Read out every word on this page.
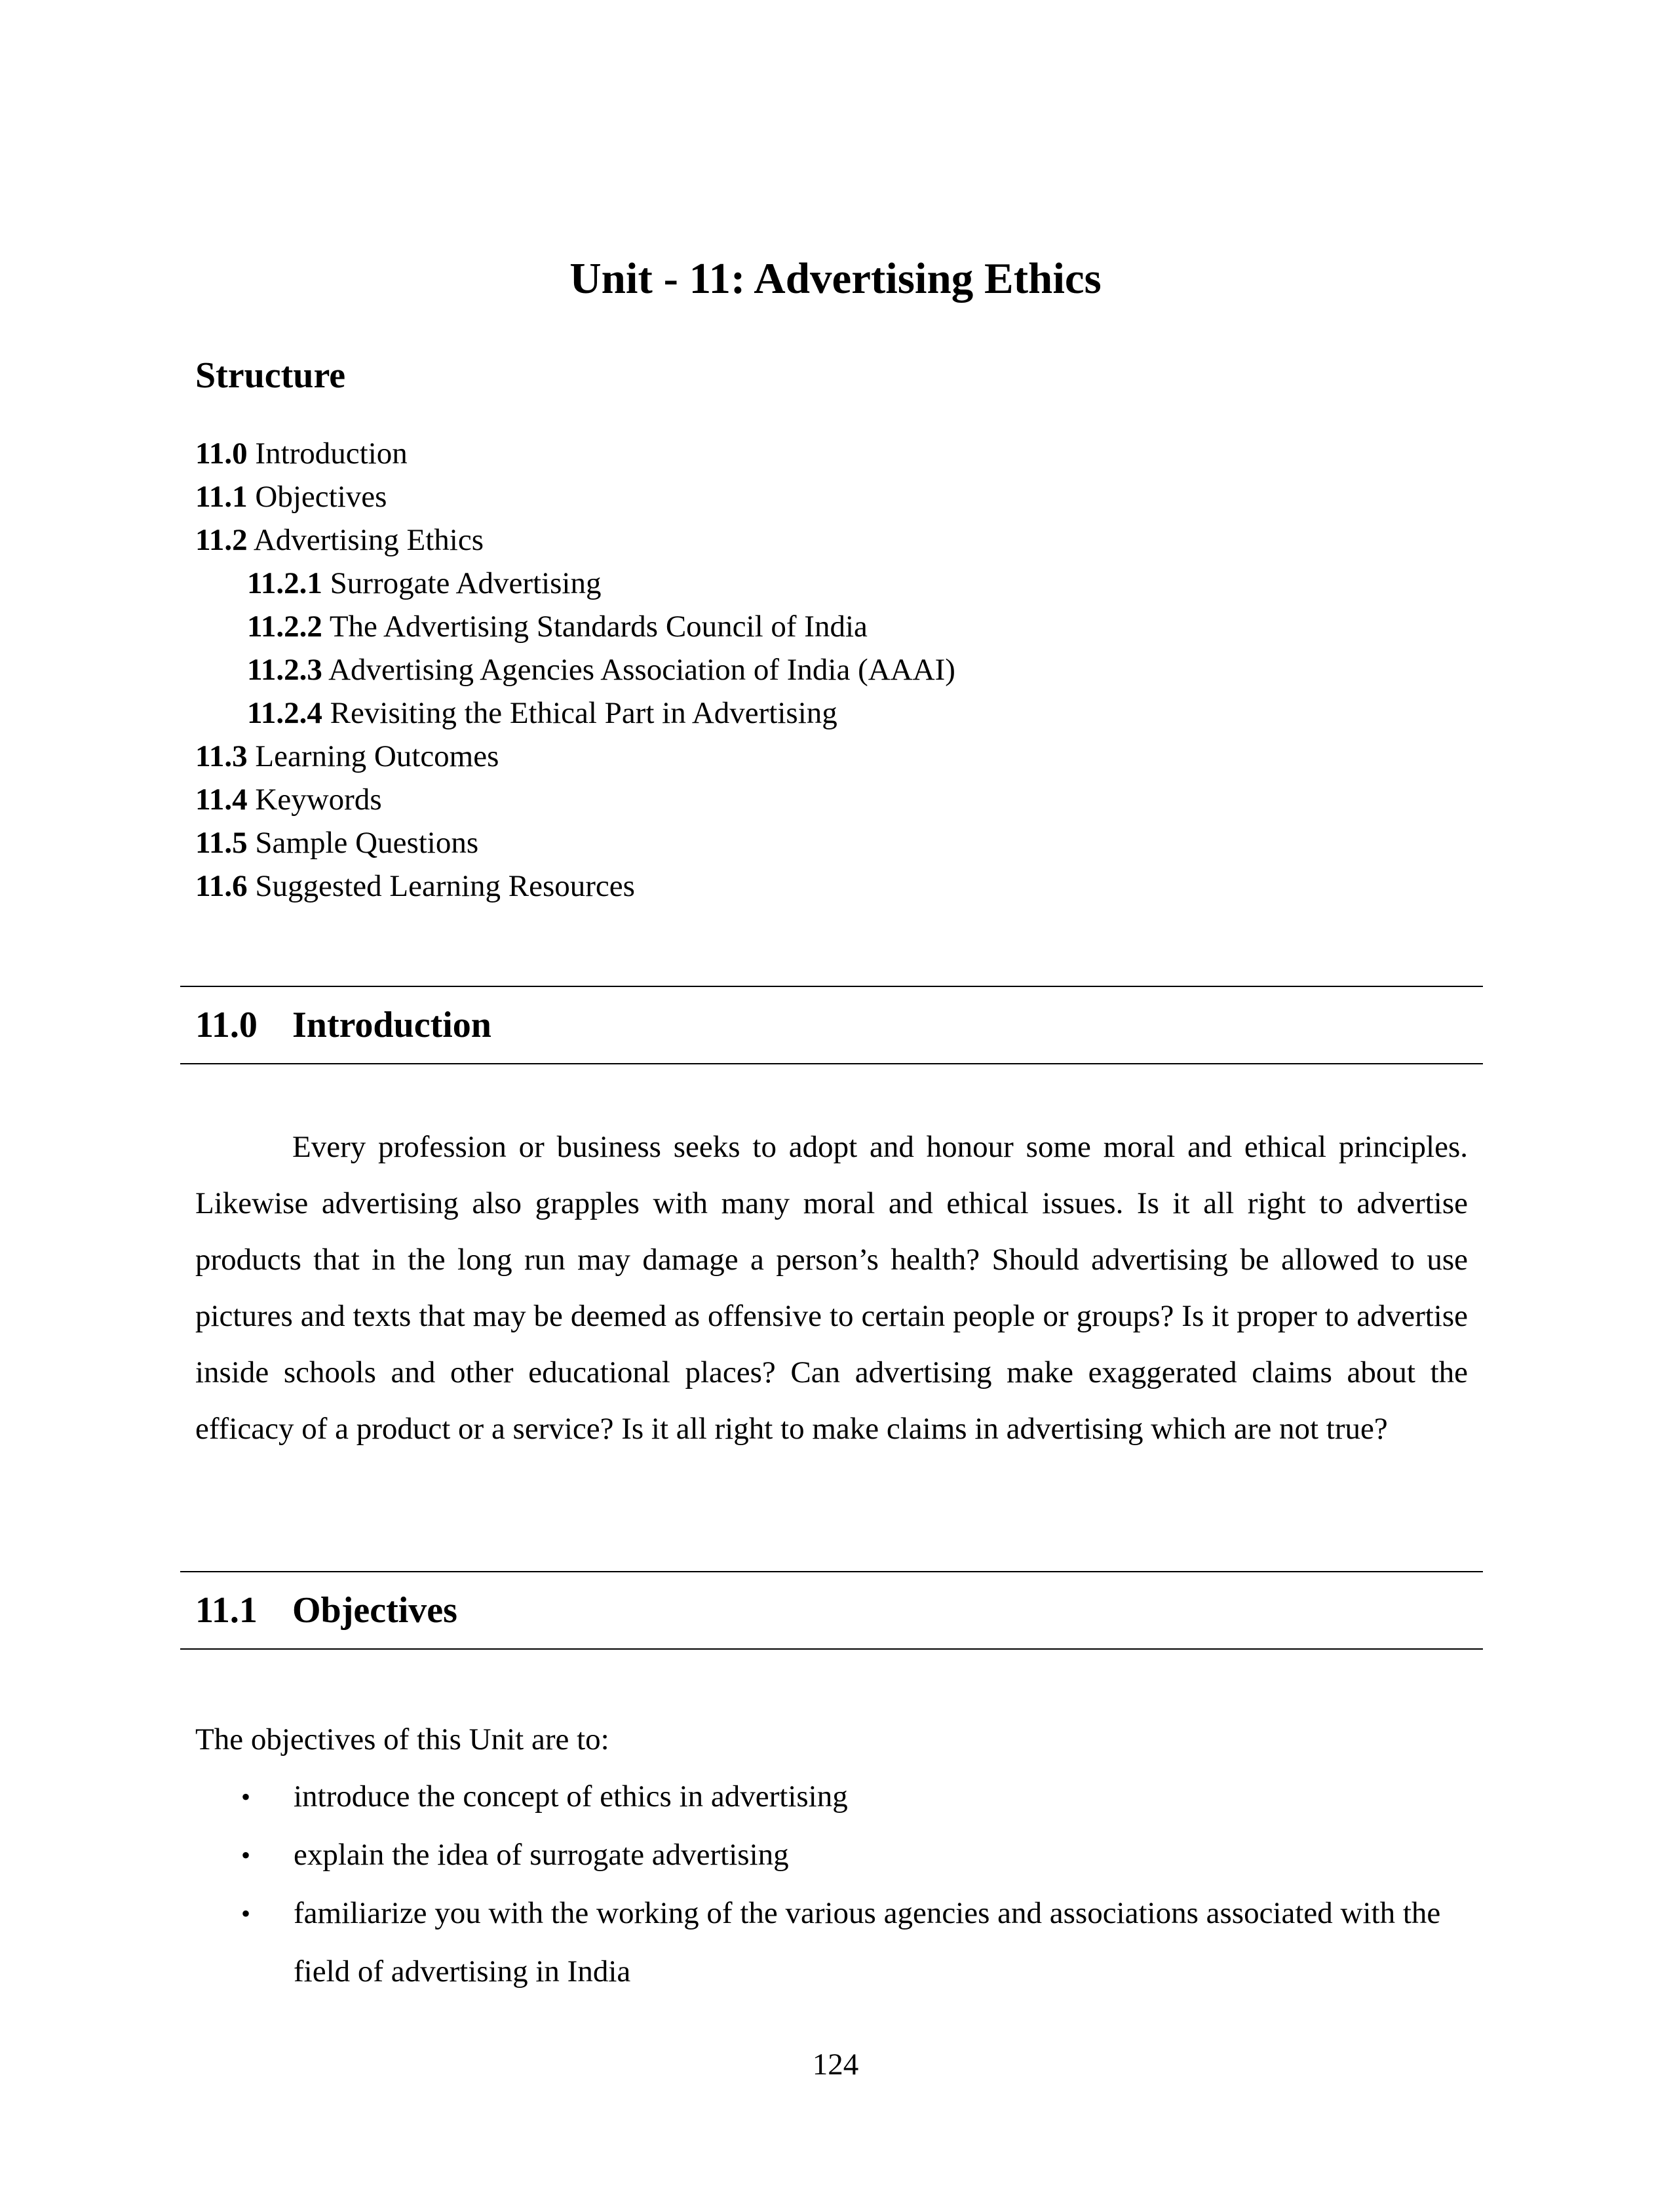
Unit - 11: Advertising Ethics
Structure
11.0 Introduction
11.1 Objectives
11.2 Advertising Ethics
11.2.1 Surrogate Advertising
11.2.2 The Advertising Standards Council of India
11.2.3 Advertising Agencies Association of India (AAAI)
11.2.4 Revisiting the Ethical Part in Advertising
11.3 Learning Outcomes
11.4 Keywords
11.5 Sample Questions
11.6 Suggested Learning Resources
11.0 Introduction

Every profession or business seeks to adopt and honour some moral and ethical principles. Likewise advertising also grapples with many moral and ethical issues. Is it all right to advertise products that in the long run may damage a person’s health? Should advertising be allowed to use pictures and texts that may be deemed as offensive to certain people or groups? Is it proper to advertise inside schools and other educational places? Can advertising make exaggerated claims about the efficacy of a product or a service? Is it all right to make claims in advertising which are not true?

11.1 Objectives

The objectives of this Unit are to:

• introduce the concept of ethics in advertising
• explain the idea of surrogate advertising
• familiarize you with the working of the various agencies and associations associated with the field of advertising in India

124
